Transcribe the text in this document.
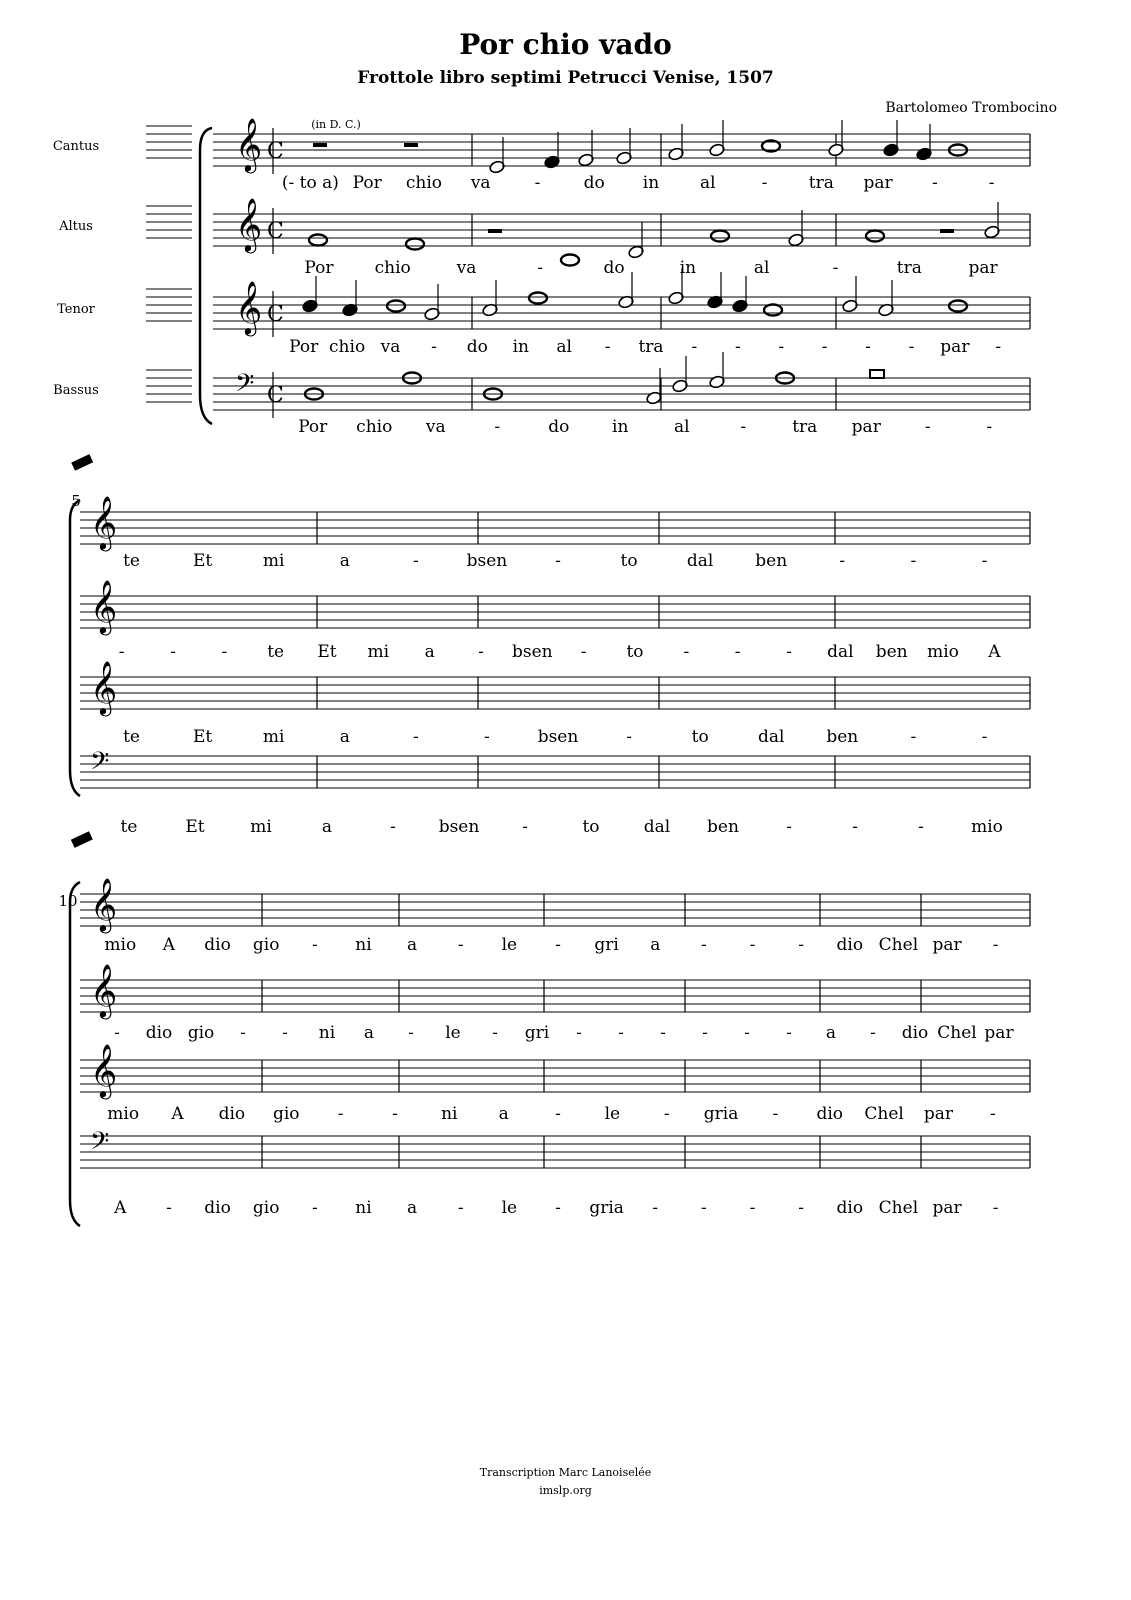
Por chio vado
Frottole libro septimi Petrucci Venise, 1507
Bartolomeo Trombocino
Cantus
Altus
Tenor
Bassus
𝄞 C
𝄞 C
𝄞 C
𝄢 C
(in D. C.)
𝄞
𝄞
𝄞
𝄢
𝄞
𝄞
𝄞
𝄢
5
10
(- to a) Por chio va	-	do in al	- tra par -	-
Por chio	va	-	do	in	al	-	tra	par
Por chio va - do in al - tra - - - - - - par -
Por chio va	-	do	in	al	-	tra par	-	-
te	Et	mi	a	-	bsen	-	to	dal ben	-	-	-
-	-	- te Et mi a	- bsen - to -	-	- dal ben mio A
te	Et	mi	a	-	-	bsen	-	to	dal ben	-	-
te	Et	mi	a	-	bsen	-	to	dal ben	-	-	-	mio
mio A dio gio - ni a - le - gri a -	-	- dio Chel par -
- dio gio - - ni a - le - gri - - - - - - a - dio Chel par
mio A dio gio -	-	ni a	-	le	- gria - dio Chel par -
A - dio gio - ni a - le - gria -	-	-	- dio Chel par -
Transcription Marc Lanoiselée
imslp.org
